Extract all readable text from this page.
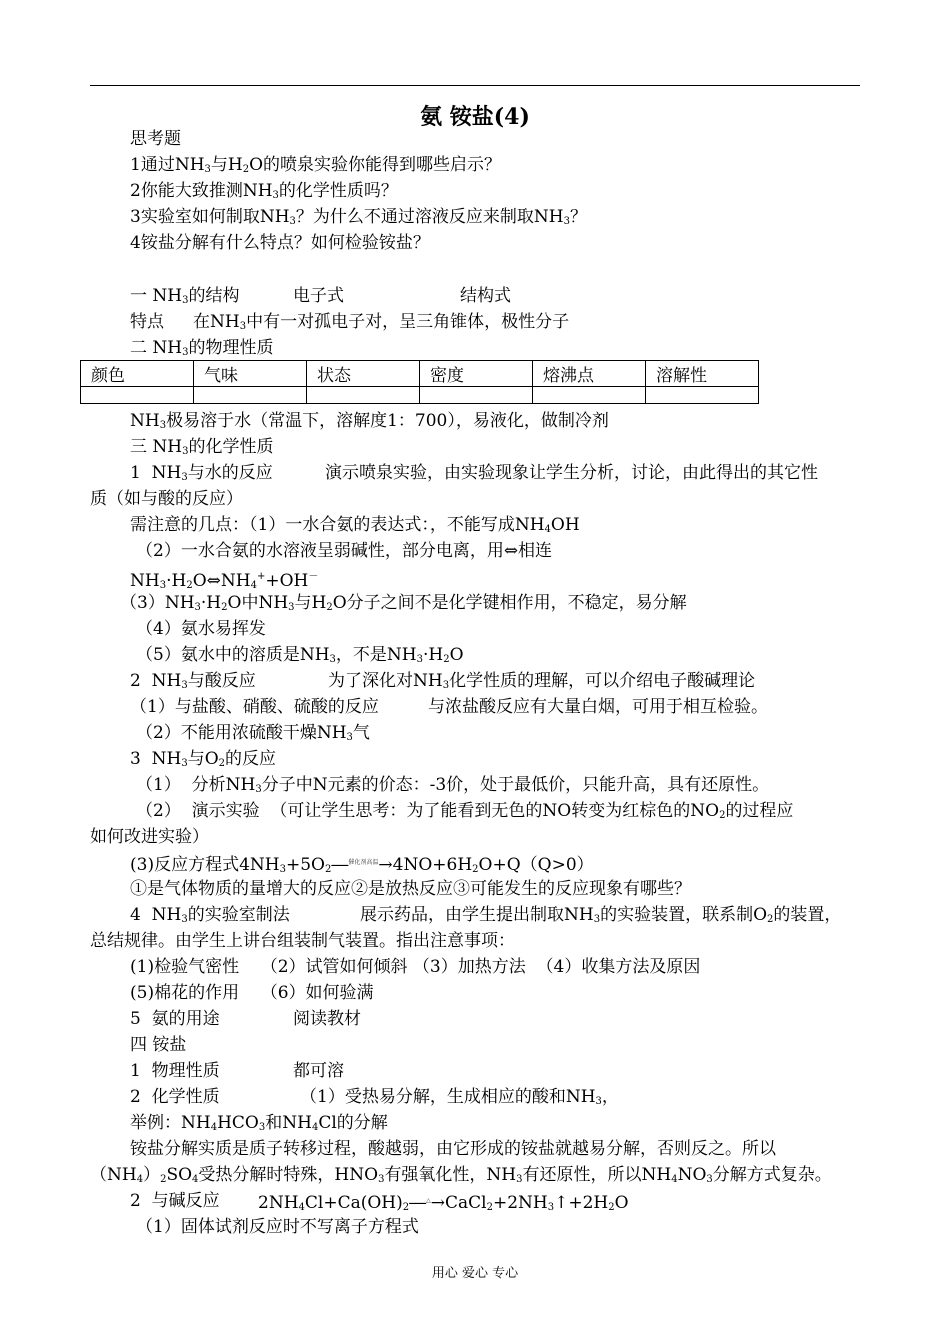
氨 铵盐(4)
思考题
1通过$NH_3$与$H_2O$的喷泉实验你能得到哪些启示？
2你能大致推测$NH_3$的化学性质吗？
3实验室如何制取$NH_3$？为什么不通过溶液反应来制取$NH_3$？
4铵盐分解有什么特点？如何检验铵盐？
一 $NH_3$的结构	电子式	结构式
特点 在$NH_3$中有一对孤电子对，呈三角锥体，极性分子
二 $NH_3$的物理性质
颜色	气味	状态	密度	熔沸点	溶解性

$NH_3$极易溶于水（常温下，溶解度1：700），易液化，做制冷剂
三 $NH_3$的化学性质
1  $NH_3$与水的反应	演示喷泉实验，由实验现象让学生分析，讨论，由此得出的其它性
质（如与酸的反应）
需注意的几点：（1）一水合氨的表达式：，不能写成$NH_4OH$
（2）一水合氨的水溶液呈弱碱性，部分电离，用⇔相连
$NH_3\cdot H_2O\Leftrightarrow NH_4^++OH^-$
$(3)NH_3\cdot H_2O$中$NH_3$与$H_2O$分子之间不是化学键相作用，不稳定，易分解
（4）氨水易挥发
（5）氨水中的溶质是$NH_3$，不是$NH_3\cdot H_2O$
2  $NH_3$与酸反应	为了深化对$NH_3$化学性质的理解，可以介绍电子酸碱理论
（1）与盐酸、硝酸、硫酸的反应	与浓盐酸反应有大量白烟，可用于相互检验。
（2）不能用浓硫酸干燥$NH_3$气
3  $NH_3$与$O_2$的反应
（1）  分析$NH_3$分子中N元素的价态：-3价，处于最低价，只能升高，具有还原性。
（2）  演示实验  （可让学生思考：为了能看到无色的NO转变为红棕色的$NO_2$的过程应
如何改进实验）
(3)反应方程式$4NH_3+5O_2―^{催化剂高温}\to 4NO+6H_2O+Q(Q>0)$
①是气体物质的量增大的反应②是放热反应③可能发生的反应现象有哪些？
4  $NH_3$的实验室制法	展示药品，由学生提出制取$NH_3$的实验装置，联系制$O_2$的装置，
总结规律。由学生上讲台组装制气装置。指出注意事项：
(1)检验气密性    （2）试管如何倾斜 （3）加热方法  （4）收集方法及原因
(5)棉花的作用    （6）如何验满
5  氨的用途	阅读教材
四 铵盐
1  物理性质	都可溶
2  化学性质	（1）受热易分解，生成相应的酸和$NH_3$，
举例：$NH_4HCO_3$和$NH_4Cl$的分解
铵盐分解实质是质子转移过程，酸越弱，由它形成的铵盐就越易分解，否则反之。所以
$(NH_4)_2SO_4$受热分解时特殊，$HNO_3$有强氧化性，$NH_3$有还原性，所以$NH_4NO_3$分解方式复杂。
2  与碱反应 $2NH_4Cl+Ca(OH)_2―^\triangle\to CaCl_2+2NH_3↑+2H_2O$
（1）固体试剂反应时不写离子方程式
用心 爱心 专心
